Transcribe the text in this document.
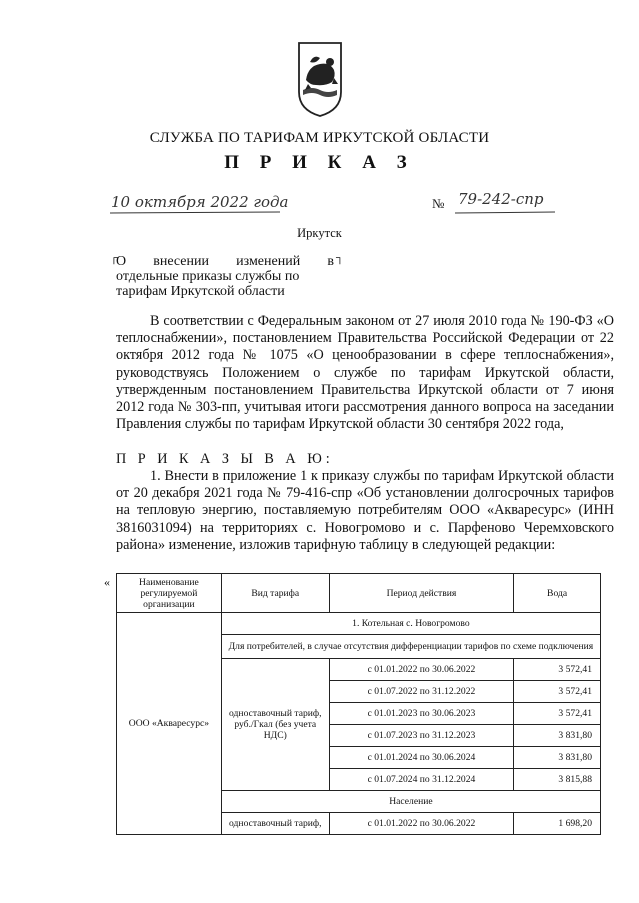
СЛУЖБА ПО ТАРИФАМ ИРКУТСКОЙ ОБЛАСТИ
П Р И К А З
10 октября 2022 года	№ 79-242-спр
Иркутск
┌	┐
О внесении изменений в
отдельные приказы службы по
тарифам Иркутской области

В соответствии с Федеральным законом от 27 июля 2010 года № 190-ФЗ «О теплоснабжении», постановлением Правительства Российской Федерации от 22 октября 2012 года № 1075 «О ценообразовании в сфере теплоснабжения», руководствуясь Положением о службе по тарифам Иркутской области, утвержденным постановлением Правительства Иркутской области от 7 июня 2012 года № 303-пп, учитывая итоги рассмотрения данного вопроса на заседании Правления службы по тарифам Иркутской области 30 сентября 2022 года,

П Р И К А З Ы В А Ю:

1. Внести в приложение 1 к приказу службы по тарифам Иркутской области от 20 декабря 2021 года № 79-416-спр «Об установлении долгосрочных тарифов на тепловую энергию, поставляемую потребителям ООО «Акваресурс» (ИНН 3816031094) на территориях с. Новогромово и с. Парфеново Черемховского района» изменение, изложив тарифную таблицу в следующей редакции:

«	Наименование регулируемой организации	Вид тарифа	Период действия	Вода
ООО «Акваресурс»	1. Котельная с. Новогромово		
	Для потребителей, в случае отсутствия дифференциации тарифов по схеме подключения		
	одноставочный тариф, руб./Гкал (без учета НДС)	с 01.01.2022 по 30.06.2022	3 572,41
		с 01.07.2022 по 31.12.2022	3 572,41
		с 01.01.2023 по 30.06.2023	3 572,41
		с 01.07.2023 по 31.12.2023	3 831,80
		с 01.01.2024 по 30.06.2024	3 831,80
		с 01.07.2024 по 31.12.2024	3 815,88
	Население		
	одноставочный тариф,	с 01.01.2022 по 30.06.2022	1 698,20
